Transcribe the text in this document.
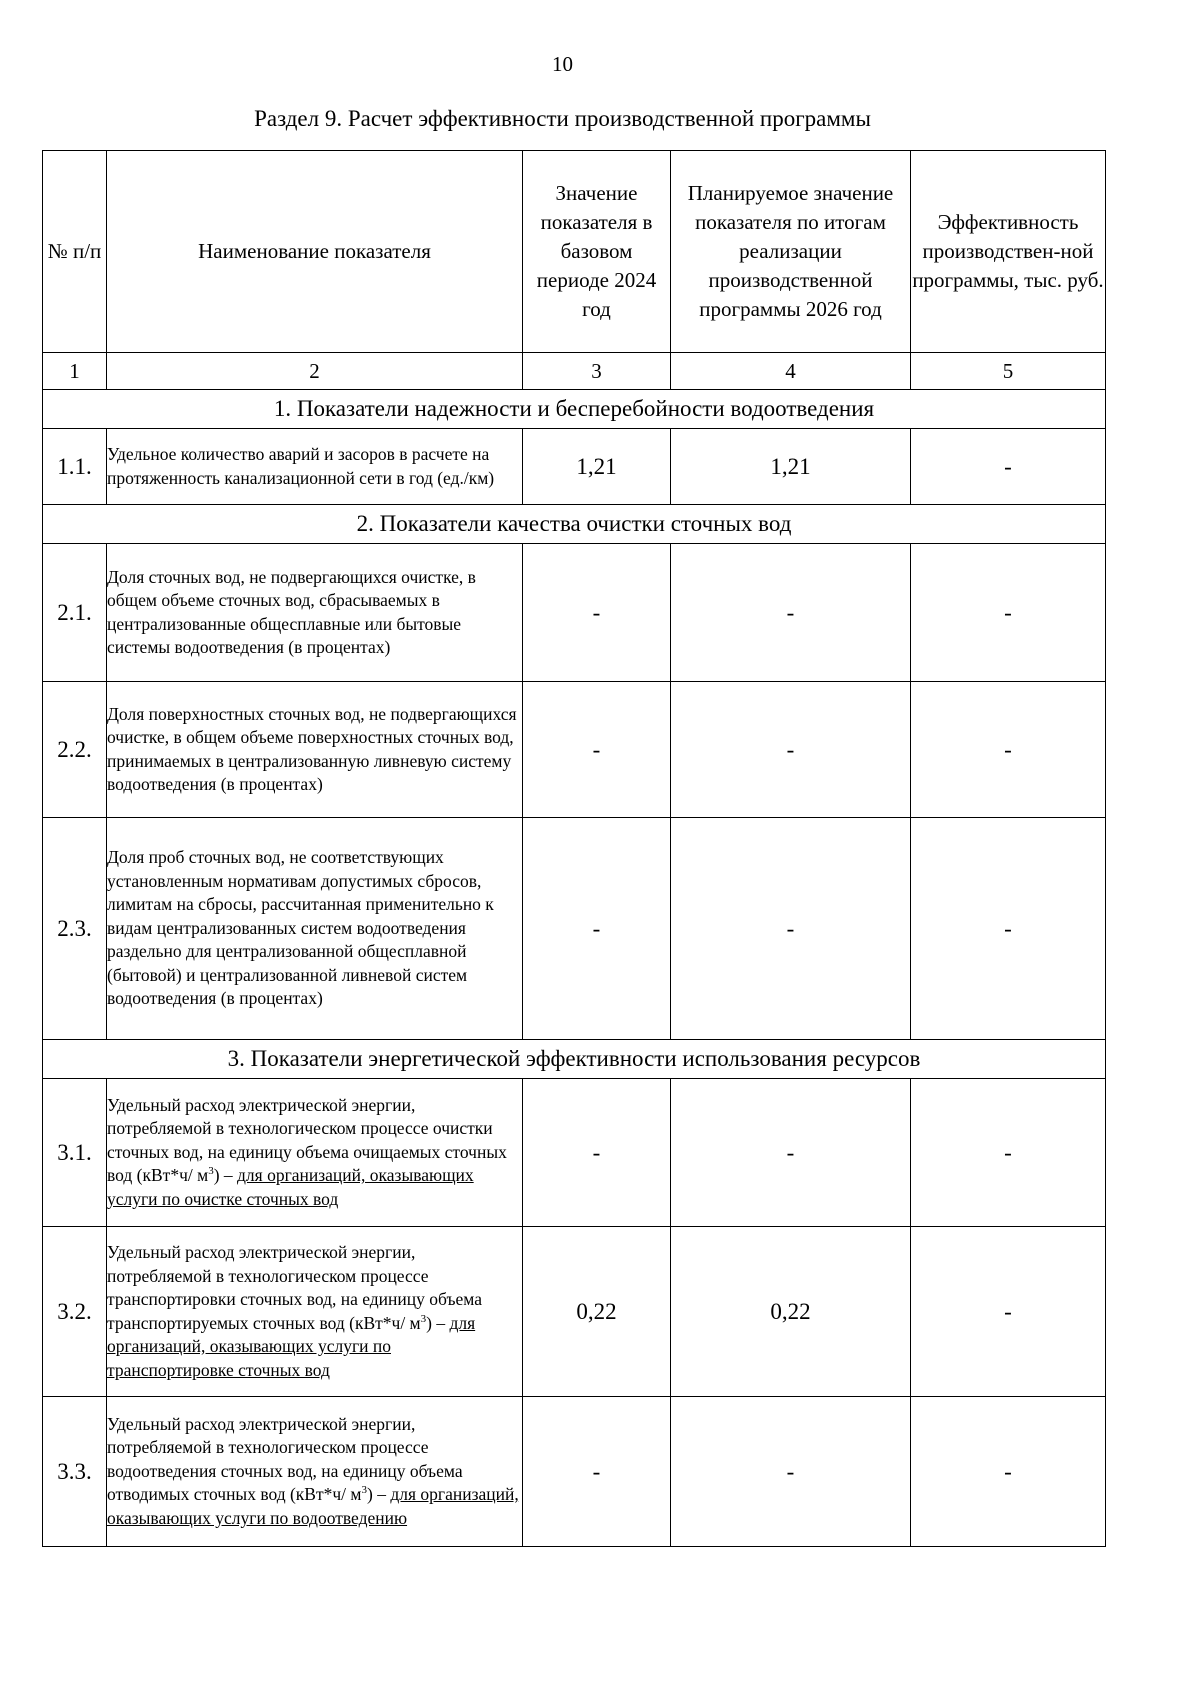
10
Раздел 9. Расчет эффективности производственной программы
№ п/п	Наименование показателя	Значение показателя в базовом периоде 2024 год	Планируемое значение показателя по итогам реализации производственной программы 2026 год	Эффективность производствен-ной программы, тыс. руб.
1	2	3	4	5
1. Показатели надежности и бесперебойности водоотведения				
1.1.	Удельное количество аварий и засоров в расчете на протяженность канализационной сети в год (ед./км)	1,21	1,21	-
2. Показатели качества очистки сточных вод				
2.1.	Доля сточных вод, не подвергающихся очистке, в общем объеме сточных вод, сбрасываемых в централизованные общесплавные или бытовые системы водоотведения (в процентах)	-	-	-
2.2.	Доля поверхностных сточных вод, не подвергающихся очистке, в общем объеме поверхностных сточных вод, принимаемых в централизованную ливневую систему водоотведения (в процентах)	-	-	-
2.3.	Доля проб сточных вод, не соответствующих установленным нормативам допустимых сбросов, лимитам на сбросы, рассчитанная применительно к видам централизованных систем водоотведения раздельно для централизованной общесплавной (бытовой) и централизованной ливневой систем водоотведения (в процентах)	-	-	-
3. Показатели энергетической эффективности использования ресурсов				
3.1.	Удельный расход электрической энергии, потребляемой в технологическом процессе очистки сточных вод, на единицу объема очищаемых сточных вод (кВт*ч/ $м^3$) – для организаций, оказывающих услуги по очистке сточных вод	-	-	-
3.2.	Удельный расход электрической энергии, потребляемой в технологическом процессе транспортировки сточных вод, на единицу объема транспортируемых сточных вод (кВт*ч/ $м^3$) – для организаций, оказывающих услуги по транспортировке сточных вод	0,22	0,22	-
3.3.	Удельный расход электрической энергии, потребляемой в технологическом процессе водоотведения сточных вод, на единицу объема отводимых сточных вод (кВт*ч/ $м^3$) – для организаций, оказывающих услуги по водоотведению	-	-	-
